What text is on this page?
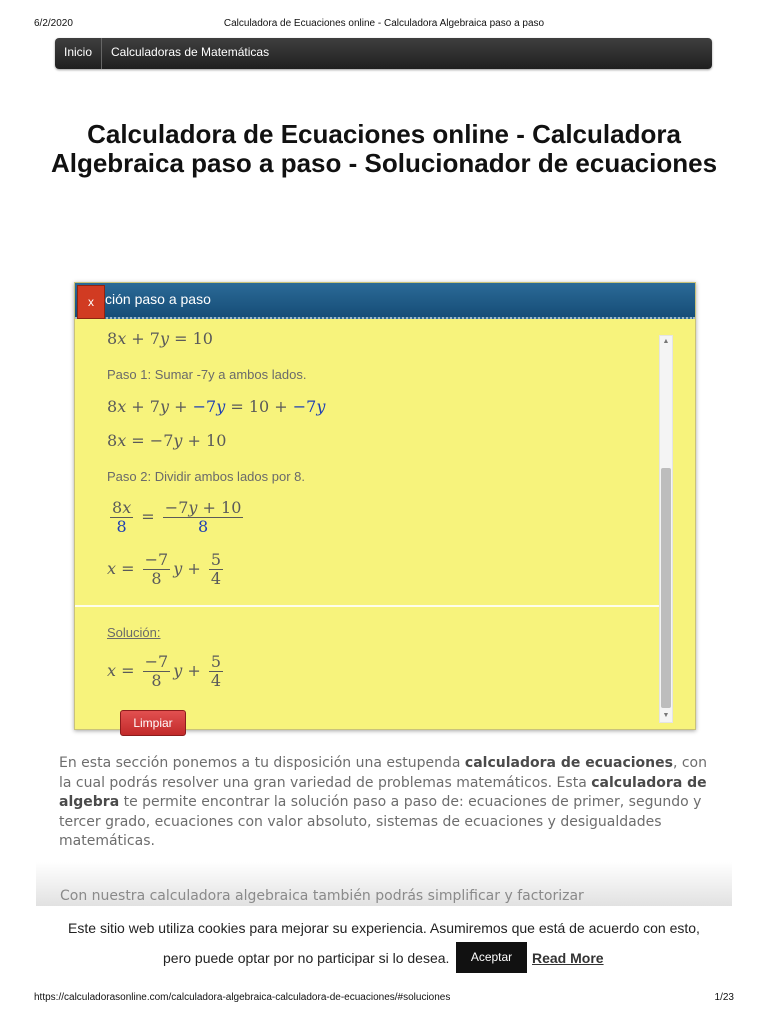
6/2/2020	Calculadora de Ecuaciones online - Calculadora Algebraica paso a paso
Inicio	Calculadoras de Matemáticas
Calculadora de Ecuaciones online - Calculadora Algebraica paso a paso - Solucionador de ecuaciones
ción paso a paso
x
8x + 7y = 10
Paso 1: Sumar -7y a ambos lados.
8x + 7y + −7y = 10 + −7y
8x = −7y + 10
Paso 2: Dividir ambos lados por 8.
$\frac{8x}{8} = \frac{-7y + 10}{8}$
$x = \frac{-7}{8}$ $y + \frac{5}{4}$
Solución:
$x = \frac{-7}{8}$ $y + \frac{5}{4}$
▲
▼
Limpiar

En esta sección ponemos a tu disposición una estupenda calculadora de ecuaciones, con la cual podrás resolver una gran variedad de problemas matemáticos. Esta calculadora de algebra te permite encontrar la solución paso a paso de: ecuaciones de primer, segundo y tercer grado, ecuaciones con valor absoluto, sistemas de ecuaciones y desigualdades matemáticas.

Con nuestra calculadora algebraica también podrás simplificar y factorizar
Este sitio web utiliza cookies para mejorar su experiencia. Asumiremos que está de acuerdo con esto,
pero puede optar por no participar si lo desea.	Aceptar	Read More
https://calculadorasonline.com/calculadora-algebraica-calculadora-de-ecuaciones/#soluciones	1/23
